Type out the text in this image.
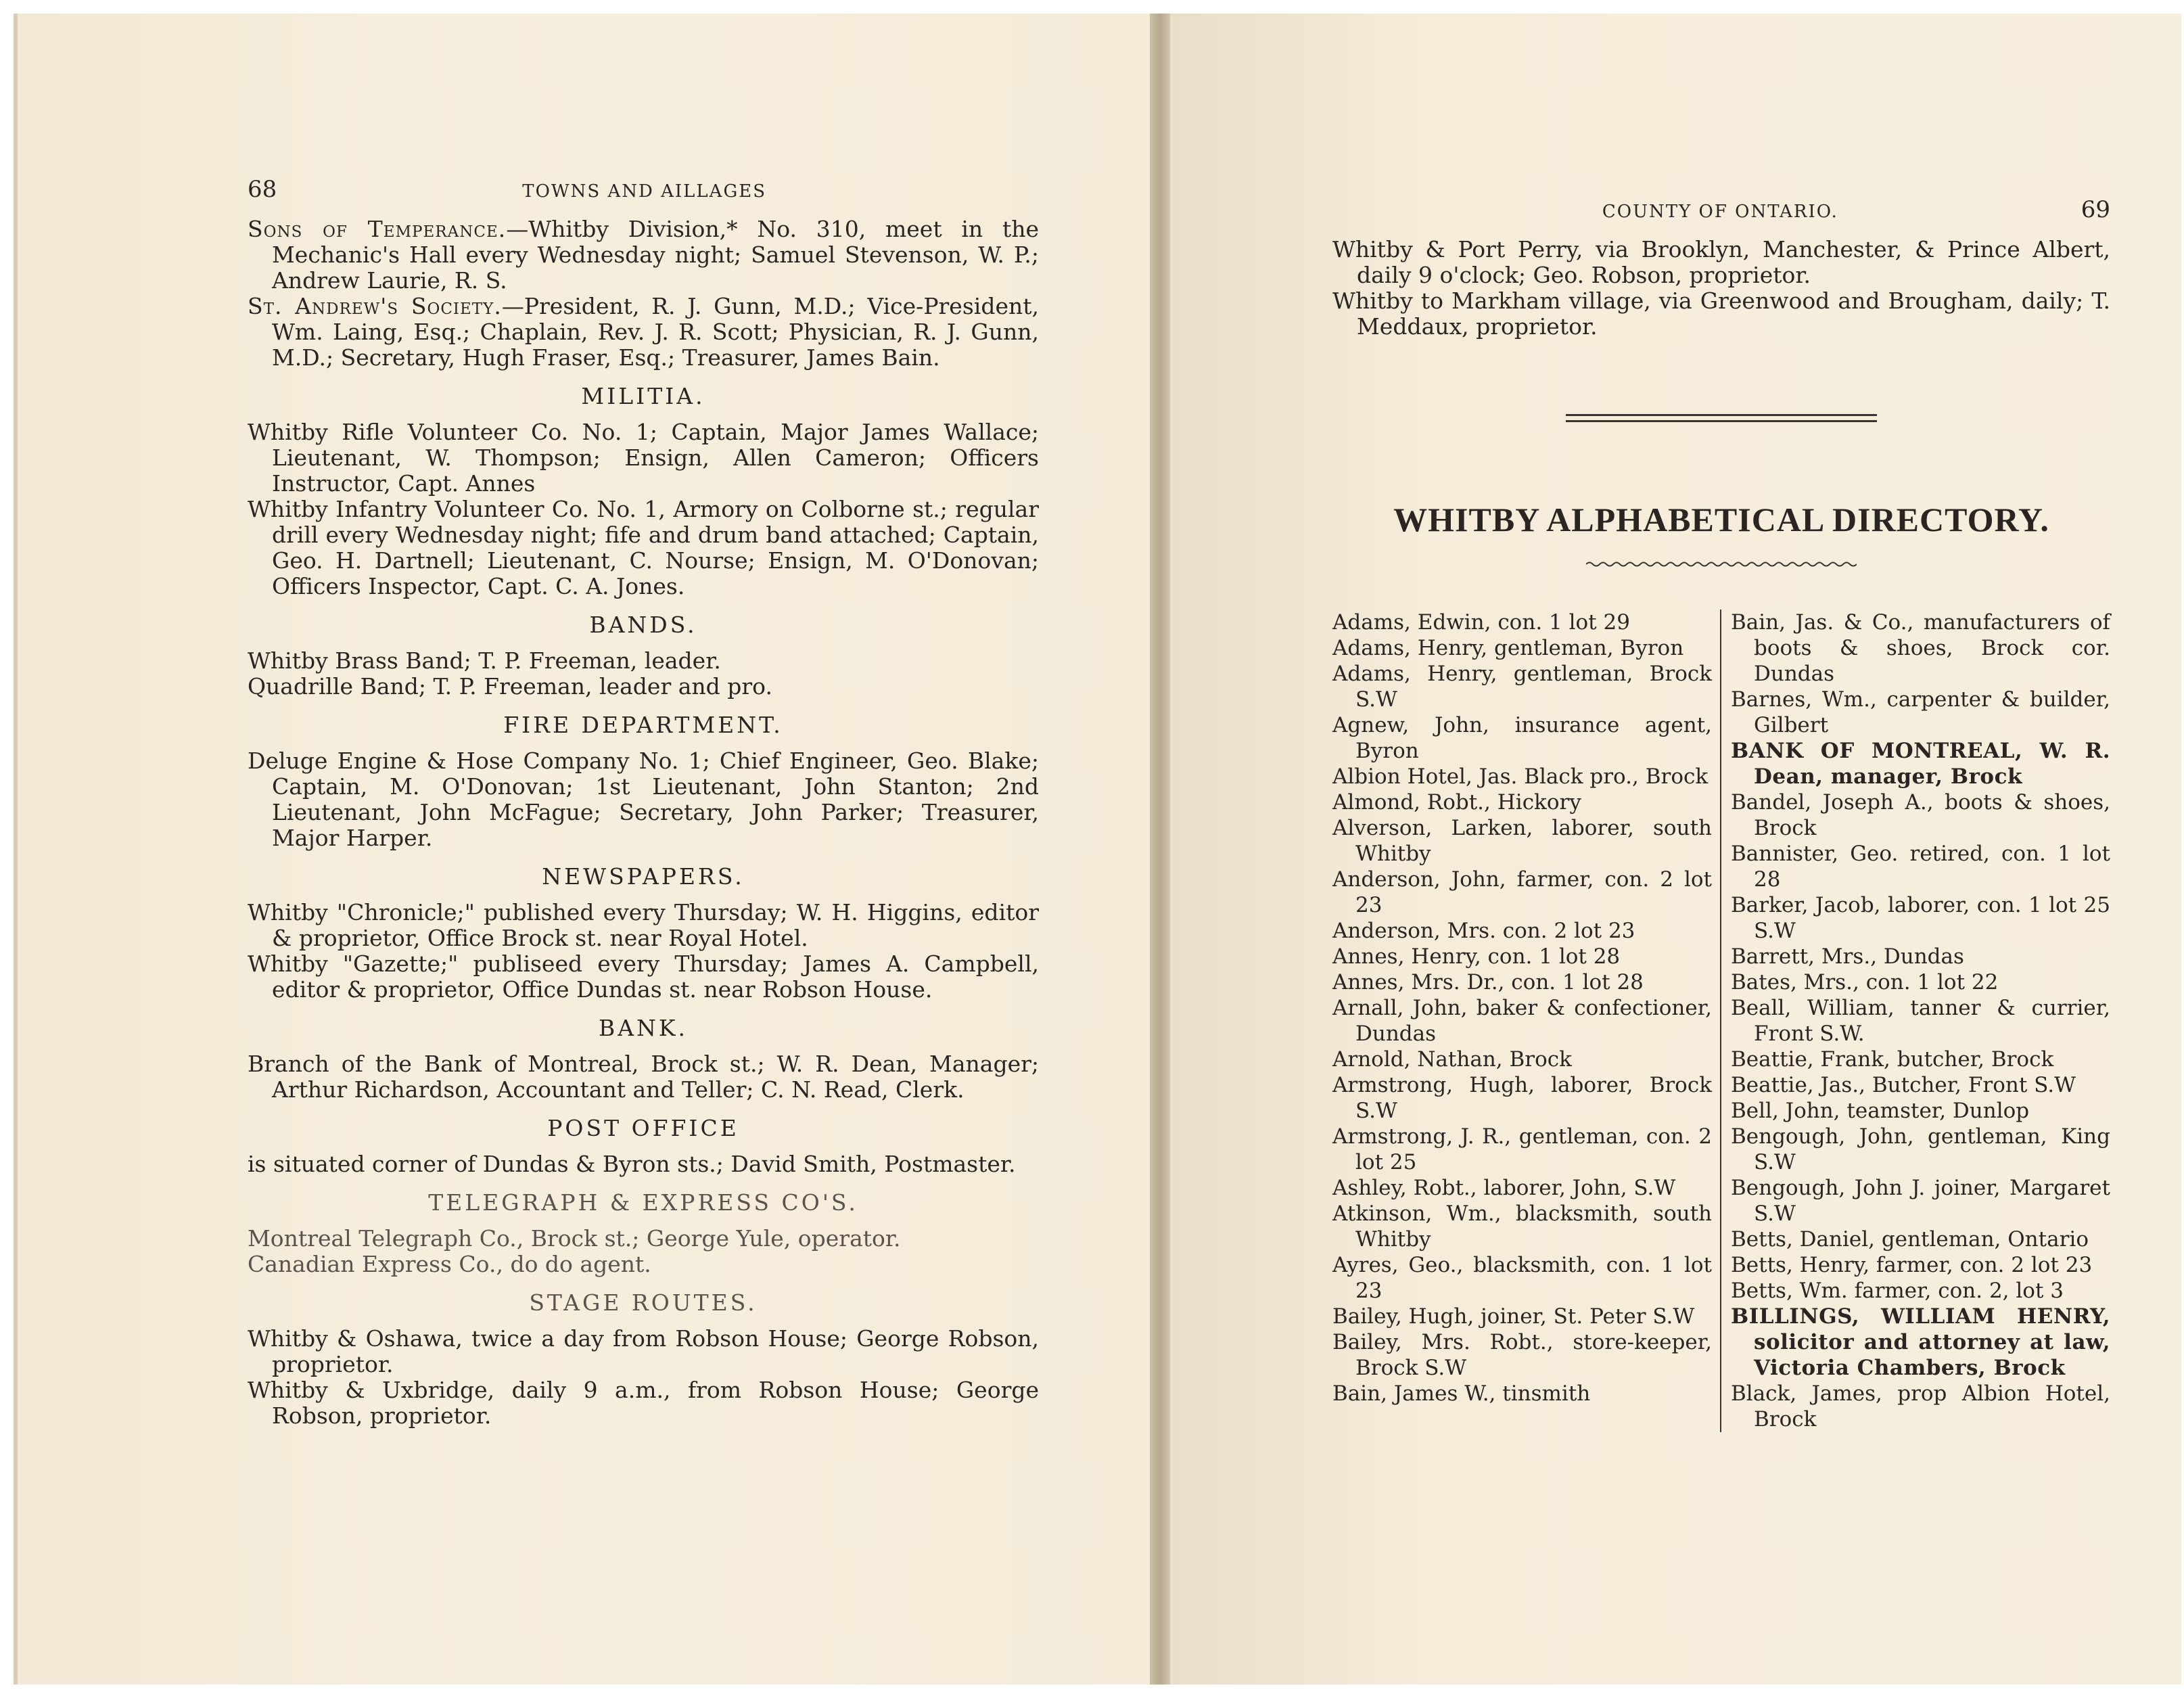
68	TOWNS AND AILLAGES

Sons of Temperance.—Whitby Division,* No. 310, meet in the Mechanic's Hall every Wednesday night; Samuel Stevenson, W. P.; Andrew Laurie, R. S.

St. Andrew's Society.—President, R. J. Gunn, M.D.; Vice-President, Wm. Laing, Esq.; Chaplain, Rev. J. R. Scott; Physician, R. J. Gunn, M.D.; Secretary, Hugh Fraser, Esq.; Treasurer, James Bain.

MILITIA.

Whitby Rifle Volunteer Co. No. 1; Captain, Major James Wallace; Lieutenant, W. Thompson; Ensign, Allen Cameron; Officers Instructor, Capt. Annes

Whitby Infantry Volunteer Co. No. 1, Armory on Colborne st.; regular drill every Wednesday night; fife and drum band attached; Captain, Geo. H. Dartnell; Lieutenant, C. Nourse; Ensign, M. O'Donovan; Officers Inspector, Capt. C. A. Jones.

BANDS.

Whitby Brass Band; T. P. Freeman, leader.

Quadrille Band; T. P. Freeman, leader and pro.

FIRE DEPARTMENT.

Deluge Engine & Hose Company No. 1; Chief Engineer, Geo. Blake; Captain, M. O'Donovan; 1st Lieutenant, John Stanton; 2nd Lieutenant, John McFague; Secretary, John Parker; Treasurer, Major Harper.

NEWSPAPERS.

Whitby "Chronicle;" published every Thursday; W. H. Higgins, editor & proprietor, Office Brock st. near Royal Hotel.

Whitby "Gazette;" publiseed every Thursday; James A. Campbell, editor & proprietor, Office Dundas st. near Robson House.

BANK.

Branch of the Bank of Montreal, Brock st.; W. R. Dean, Manager; Arthur Richardson, Accountant and Teller; C. N. Read, Clerk.

POST OFFICE

is situated corner of Dundas & Byron sts.; David Smith, Postmaster.

TELEGRAPH & EXPRESS CO'S.

Montreal Telegraph Co., Brock st.; George Yule, operator.

Canadian Express Co., do do agent.

STAGE ROUTES.

Whitby & Oshawa, twice a day from Robson House; George Robson, proprietor.

Whitby & Uxbridge, daily 9 a.m., from Robson House; George Robson, proprietor.

COUNTY OF ONTARIO.	69

Whitby & Port Perry, via Brooklyn, Manchester, & Prince Albert, daily 9 o'clock; Geo. Robson, proprietor.

Whitby to Markham village, via Greenwood and Brougham, daily; T. Meddaux, proprietor.

WHITBY ALPHABETICAL DIRECTORY.

Adams, Edwin, con. 1 lot 29

Adams, Henry, gentleman, Byron

Adams, Henry, gentleman, Brock S.W

Agnew, John, insurance agent, Byron

Albion Hotel, Jas. Black pro., Brock

Almond, Robt., Hickory

Alverson, Larken, laborer, south Whitby

Anderson, John, farmer, con. 2 lot 23

Anderson, Mrs. con. 2 lot 23

Annes, Henry, con. 1 lot 28

Annes, Mrs. Dr., con. 1 lot 28

Arnall, John, baker & confectioner, Dundas

Arnold, Nathan, Brock

Armstrong, Hugh, laborer, Brock S.W

Armstrong, J. R., gentleman, con. 2 lot 25

Ashley, Robt., laborer, John, S.W

Atkinson, Wm., blacksmith, south Whitby

Ayres, Geo., blacksmith, con. 1 lot 23

Bailey, Hugh, joiner, St. Peter S.W

Bailey, Mrs. Robt., store-keeper, Brock S.W

Bain, James W., tinsmith

Bain, Jas. & Co., manufacturers of boots & shoes, Brock cor. Dundas

Barnes, Wm., carpenter & builder, Gilbert

BANK OF MONTREAL, W. R. Dean, manager, Brock

Bandel, Joseph A., boots & shoes, Brock

Bannister, Geo. retired, con. 1 lot 28

Barker, Jacob, laborer, con. 1 lot 25 S.W

Barrett, Mrs., Dundas

Bates, Mrs., con. 1 lot 22

Beall, William, tanner & currier, Front S.W.

Beattie, Frank, butcher, Brock

Beattie, Jas., Butcher, Front S.W

Bell, John, teamster, Dunlop

Bengough, John, gentleman, King S.W

Bengough, John J. joiner, Margaret S.W

Betts, Daniel, gentleman, Ontario

Betts, Henry, farmer, con. 2 lot 23

Betts, Wm. farmer, con. 2, lot 3

BILLINGS, WILLIAM HENRY, solicitor and attorney at law, Victoria Chambers, Brock

Black, James, prop Albion Hotel, Brock
